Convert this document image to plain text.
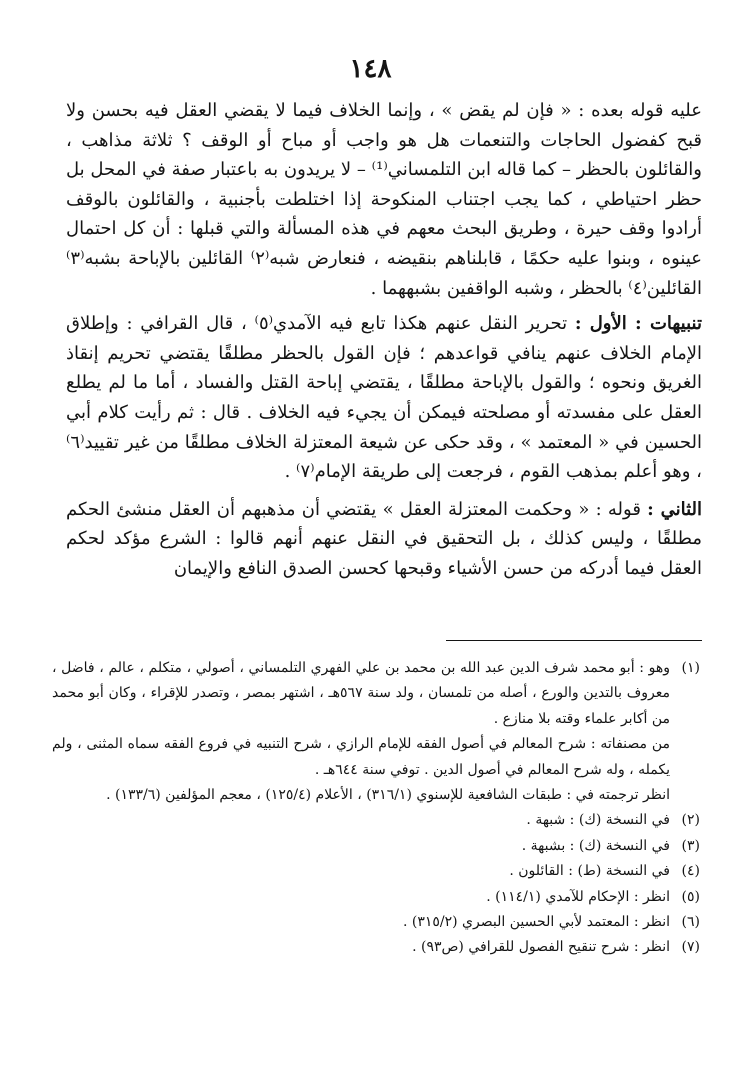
١٤٨

عليه قوله بعده : « فإن لم يقض » ، وإنما الخلاف فيما لا يقضي العقل فيه بحسن ولا قبح كفضول الحاجات والتنعمات هل هو واجب أو مباح أو الوقف ؟ ثلاثة مذاهب ، والقائلون بالحظر – كما قاله ابن التلمساني⁽¹⁾ – لا يريدون به باعتبار صفة في المحل بل حظر احتياطي ، كما يجب اجتناب المنكوحة إذا اختلطت بأجنبية ، والقائلون بالوقف أرادوا وقف حيرة ، وطريق البحث معهم في هذه المسألة والتي قبلها : أن كل احتمال عينوه ، وبنوا عليه حكمًا ، قابلناهم بنقيضه ، فنعارض شبه⁽٢⁾ القائلين بالإباحة بشبه⁽٣⁾ القائلين⁽٤⁾ بالحظر ، وشبه الواقفين بشبههما .

تنبيهات : الأول : تحرير النقل عنهم هكذا تابع فيه الآمدي⁽٥⁾ ، قال القرافي : وإطلاق الإمام الخلاف عنهم ينافي قواعدهم ؛ فإن القول بالحظر مطلقًا يقتضي تحريم إنقاذ الغريق ونحوه ؛ والقول بالإباحة مطلقًا ، يقتضي إباحة القتل والفساد ، أما ما لم يطلع العقل على مفسدته أو مصلحته فيمكن أن يجيء فيه الخلاف . قال : ثم رأيت كلام أبي الحسين في « المعتمد » ، وقد حكى عن شيعة المعتزلة الخلاف مطلقًا من غير تقييد⁽٦⁾ ، وهو أعلم بمذهب القوم ، فرجعت إلى طريقة الإمام⁽٧⁾ .

الثاني : قوله : « وحكمت المعتزلة العقل » يقتضي أن مذهبهم أن العقل منشئ الحكم مطلقًا ، وليس كذلك ، بل التحقيق في النقل عنهم أنهم قالوا : الشرع مؤكد لحكم العقل فيما أدركه من حسن الأشياء وقبحها كحسن الصدق النافع والإيمان

(١)

وهو : أبو محمد شرف الدين عبد الله بن محمد بن علي الفهري التلمساني ، أصولي ، متكلم ، عالم ، فاضل ، معروف بالتدين والورع ، أصله من تلمسان ، ولد سنة ٥٦٧هـ ، اشتهر بمصر ، وتصدر للإقراء ، وكان أبو محمد من أكابر علماء وقته بلا منازع .

من مصنفاته : شرح المعالم في أصول الفقه للإمام الرازي ، شرح التنبيه في فروع الفقه سماه المثنى ، ولم يكمله ، وله شرح المعالم في أصول الدين . توفي سنة ٦٤٤هـ .

انظر ترجمته في : طبقات الشافعية للإسنوي (٣١٦/١) ، الأعلام (١٢٥/٤) ، معجم المؤلفين (١٣٣/٦) .

(٢)
في النسخة (ك) : شبهة .
(٣)
في النسخة (ك) : بشبهة .
(٤)
في النسخة (ط) : القائلون .
(٥)
انظر : الإحكام للآمدي (١١٤/١) .
(٦)
انظر : المعتمد لأبي الحسين البصري (٣١٥/٢) .
(٧)
انظر : شرح تنقيح الفصول للقرافي (ص٩٣) .
